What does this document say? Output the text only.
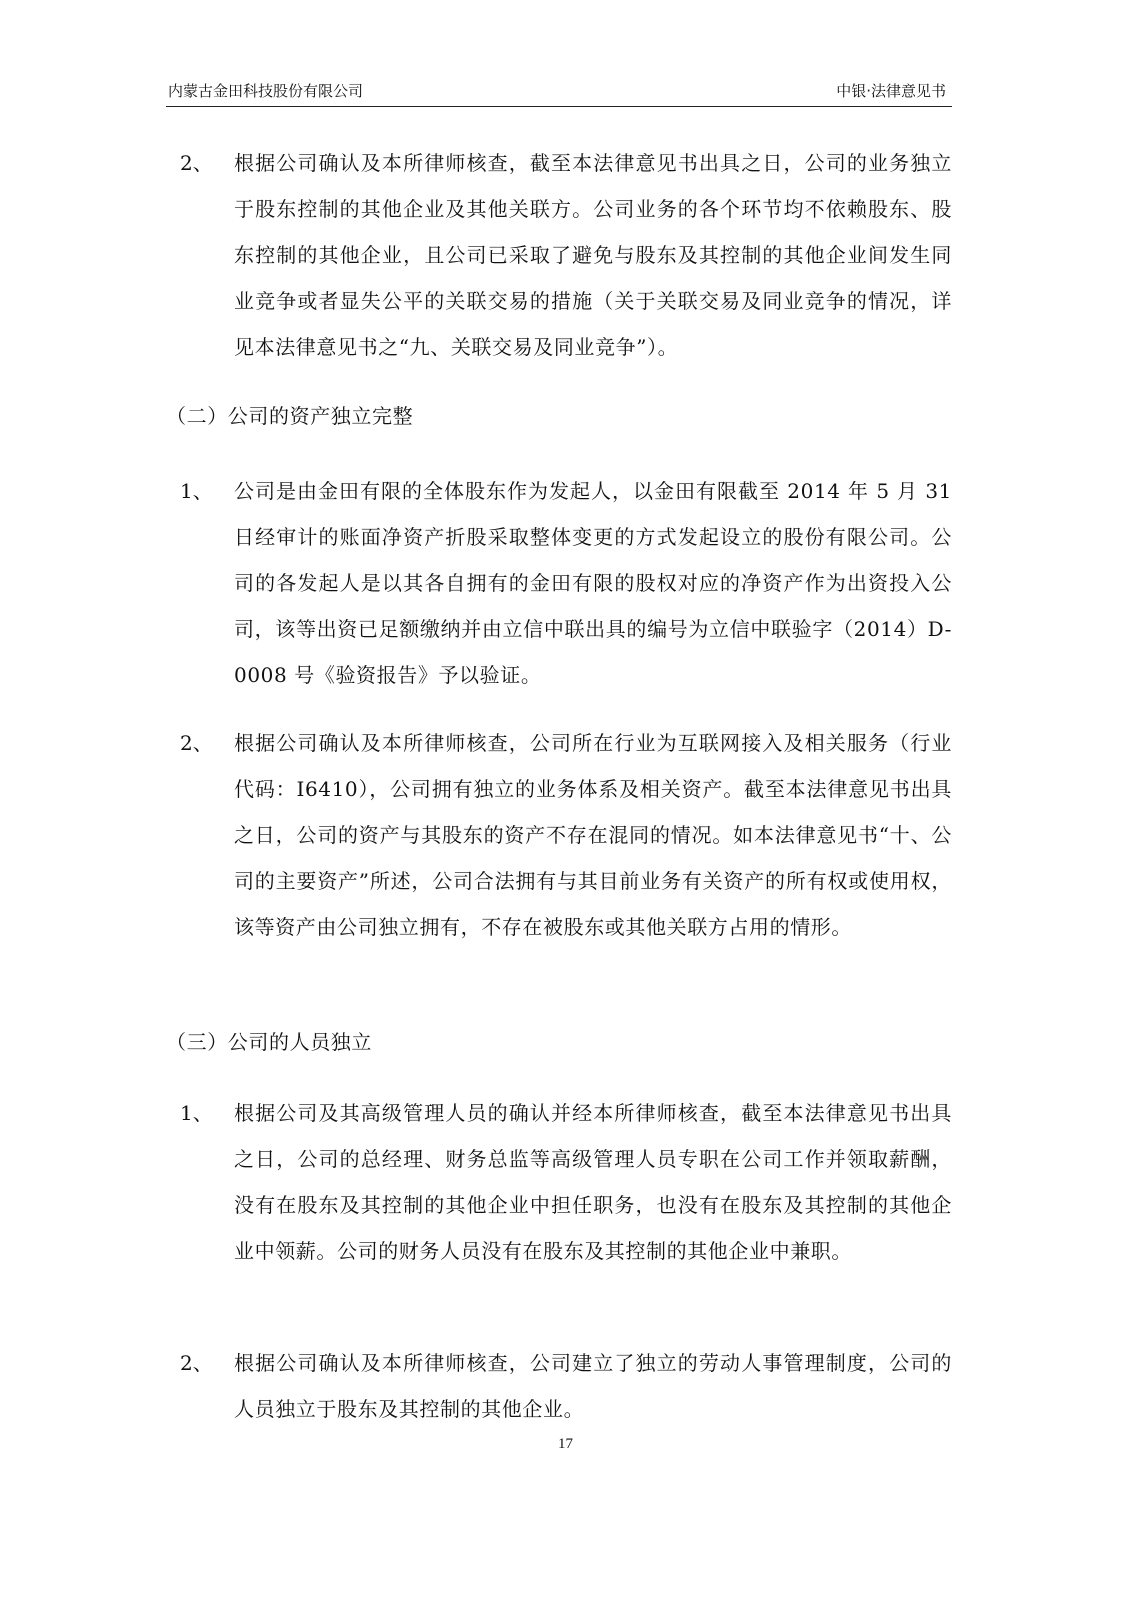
内蒙古金田科技股份有限公司	中银·法律意见书
2、 根据公司确认及本所律师核查，截至本法律意见书出具之日，公司的业务独立于股东控制的其他企业及其他关联方。公司业务的各个环节均不依赖股东、股东控制的其他企业，且公司已采取了避免与股东及其控制的其他企业间发生同业竞争或者显失公平的关联交易的措施（关于关联交易及同业竞争的情况，详见本法律意见书之“九、关联交易及同业竞争”）。
（二）公司的资产独立完整
1、 公司是由金田有限的全体股东作为发起人，以金田有限截至 2014 年 5 月 31 日经审计的账面净资产折股采取整体变更的方式发起设立的股份有限公司。公司的各发起人是以其各自拥有的金田有限的股权对应的净资产作为出资投入公司，该等出资已足额缴纳并由立信中联出具的编号为立信中联验字（2014）D-0008 号《验资报告》予以验证。
2、 根据公司确认及本所律师核查，公司所在行业为互联网接入及相关服务（行业代码：I6410），公司拥有独立的业务体系及相关资产。截至本法律意见书出具之日，公司的资产与其股东的资产不存在混同的情况。如本法律意见书“十、公司的主要资产”所述，公司合法拥有与其目前业务有关资产的所有权或使用权，该等资产由公司独立拥有，不存在被股东或其他关联方占用的情形。
（三）公司的人员独立
1、 根据公司及其高级管理人员的确认并经本所律师核查，截至本法律意见书出具之日，公司的总经理、财务总监等高级管理人员专职在公司工作并领取薪酬，没有在股东及其控制的其他企业中担任职务，也没有在股东及其控制的其他企业中领薪。公司的财务人员没有在股东及其控制的其他企业中兼职。
2、 根据公司确认及本所律师核查，公司建立了独立的劳动人事管理制度，公司的人员独立于股东及其控制的其他企业。
17
